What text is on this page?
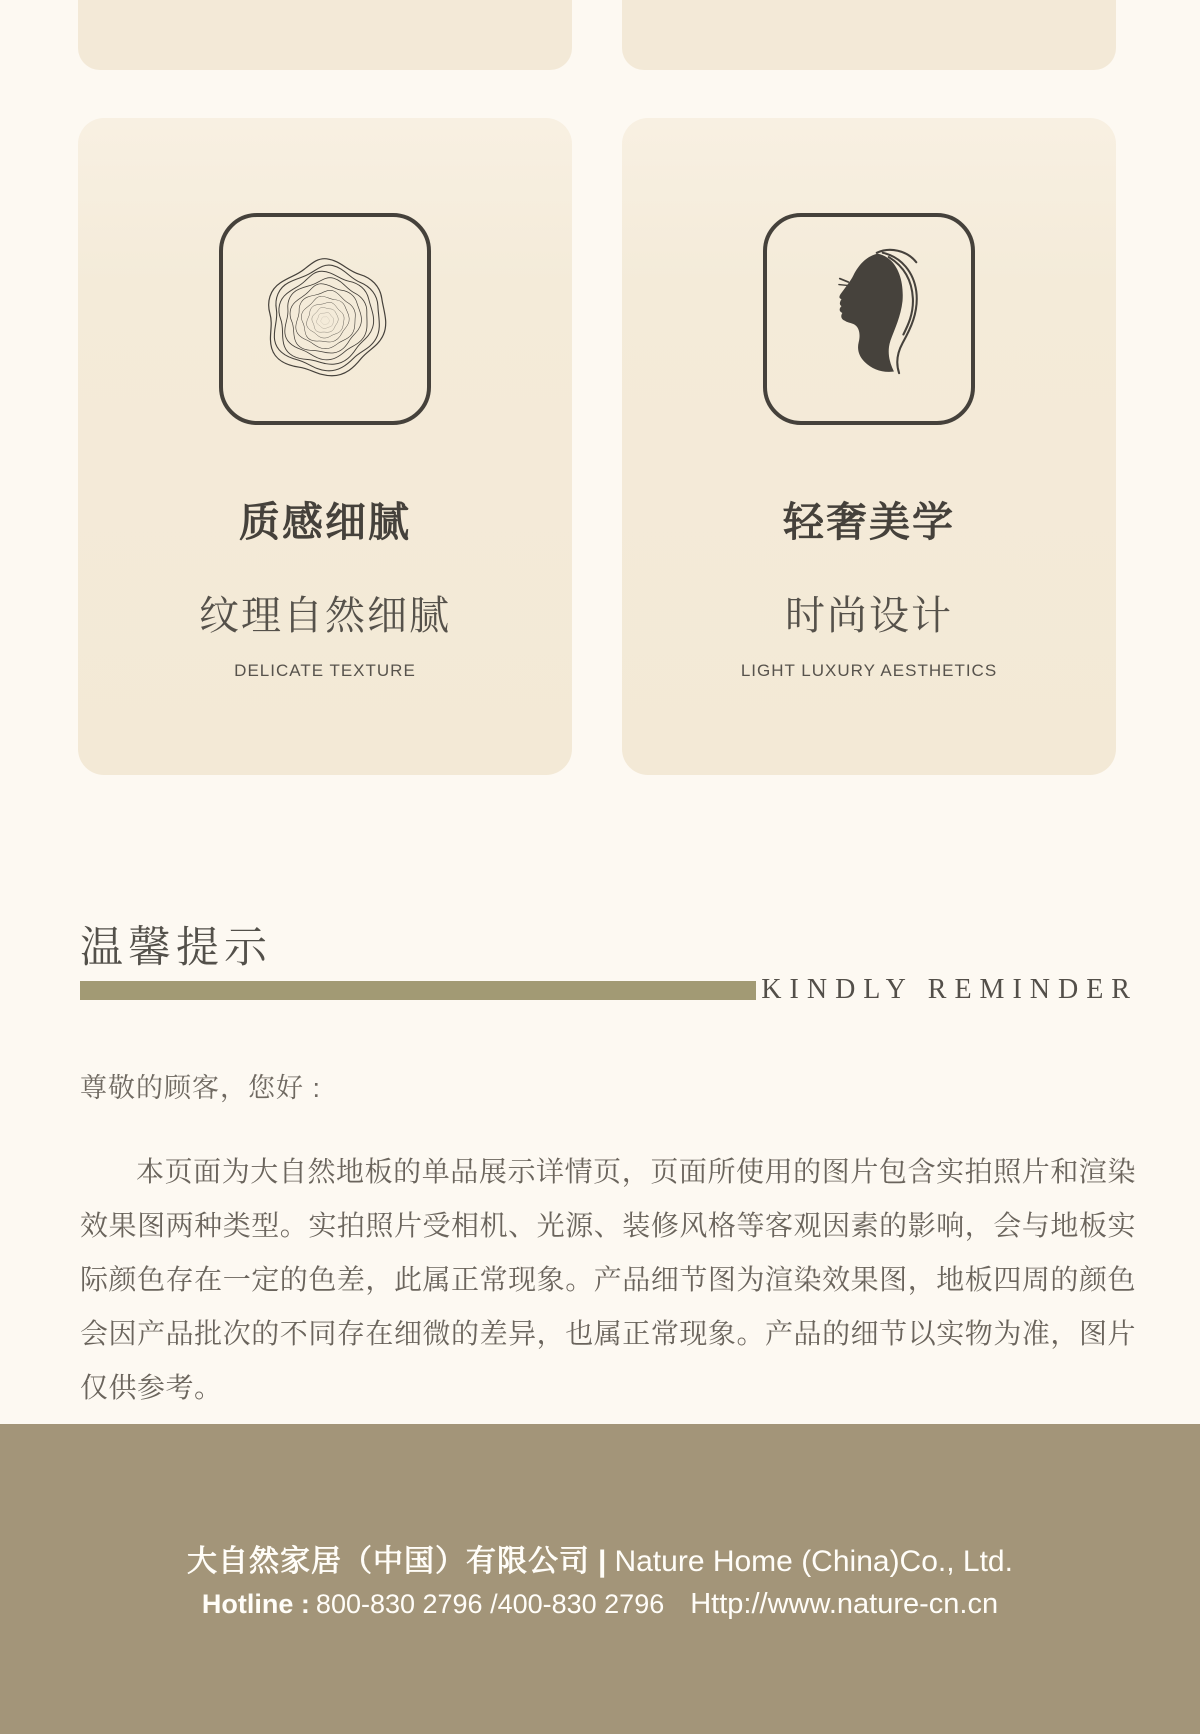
质感细腻
纹理自然细腻
DELICATE TEXTURE
轻奢美学
时尚设计
LIGHT LUXURY AESTHETICS
温馨提示
KINDLY REMINDER
尊敬的顾客，您好 :
本页面为大自然地板的单品展示详情页，页面所使用的图片包含实拍照片和渲染效果图两种类型。实拍照片受相机、光源、装修风格等客观因素的影响，会与地板实际颜色存在一定的色差，此属正常现象。产品细节图为渲染效果图，地板四周的颜色会因产品批次的不同存在细微的差异，也属正常现象。产品的细节以实物为准，图片仅供参考。
大自然家居（中国）有限公司 | Nature Home (China)Co., Ltd.
Hotline : 800-830 2796 /400-830 2796 Http://www.nature-cn.cn
